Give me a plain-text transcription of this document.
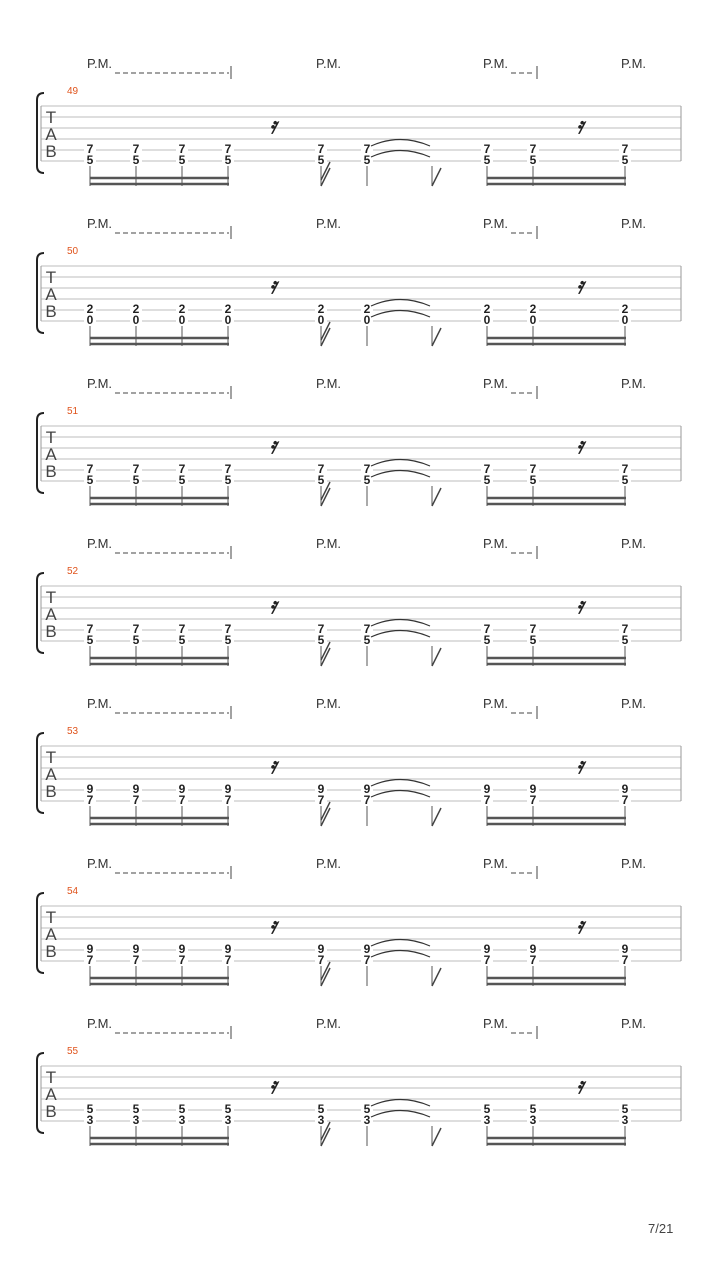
P.M.	P.M.	P.M.	P.M.
49
T
A
B 7
5
7
5
7
5
7
5
7
5
7
5
7
5
7
5
7
5
𝄿	𝄿
P.M.	P.M.	P.M.	P.M.
50
T
A
B 2
0
2
0
2
0
2
0
2
0
2
0
2
0
2
0
2
0
𝄿	𝄿
P.M.	P.M.	P.M.	P.M.
51
T
A
B 7
5
7
5
7
5
7
5
7
5
7
5
7
5
7
5
7
5
𝄿	𝄿
P.M.	P.M.	P.M.	P.M.
52
T
A
B 7
5
7
5
7
5
7
5
7
5
7
5
7
5
7
5
7
5
𝄿	𝄿
P.M.	P.M.	P.M.	P.M.
53
T
A
B 9
7
9
7
9
7
9
7
9
7
9
7
9
7
9
7
9
7
𝄿	𝄿
P.M.	P.M.	P.M.	P.M.
54
T
A
B 9
7
9
7
9
7
9
7
9
7
9
7
9
7
9
7
9
7
𝄿	𝄿
P.M.	P.M.	P.M.	P.M.
55
T
A
B 5
3
5
3
5
3
5
3
5
3
5
3
5
3
5
3
5
3
𝄿	𝄿
7/21
